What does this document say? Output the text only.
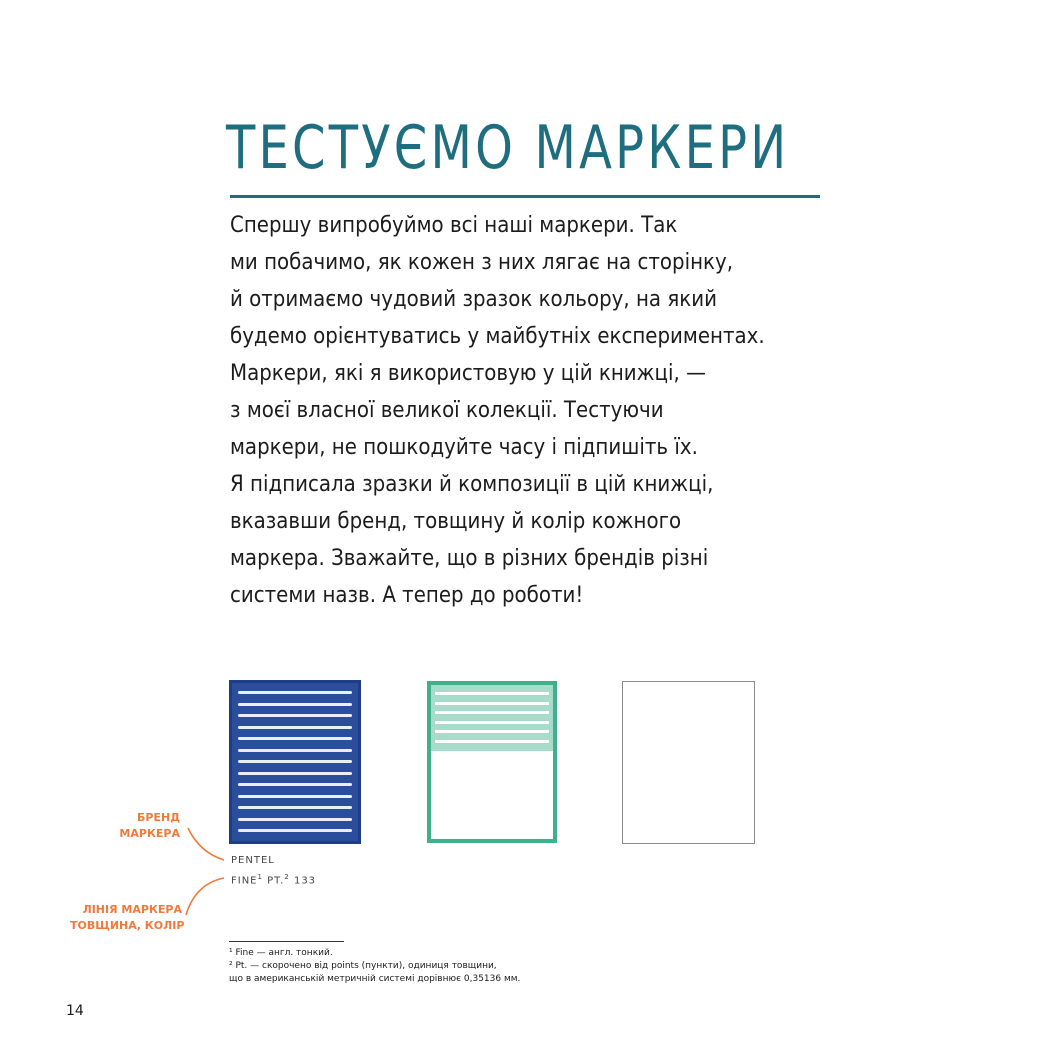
ТЕСТУЄМО МАРКЕРИ
Спершу випробуймо всі наші маркери. Так
ми побачимо, як кожен з них лягає на сторінку,
й отримаємо чудовий зразок кольору, на який
будемо орієнтуватись у майбутніх експериментах.
Маркери, які я використовую у цій книжці, —
з моєї власної великої колекції. Тестуючи
маркери, не пошкодуйте часу і підпишіть їх.
Я підписала зразки й композиції в цій книжці,
вказавши бренд, товщину й колір кожного
маркера. Зважайте, що в різних брендів різні
системи назв. А тепер до роботи!
PENTEL
FINE$^1$ PT.$^2$ 133
БРЕНД
МАРКЕРА
ЛІНІЯ МАРКЕРА
ТОВЩИНА, КОЛІР
¹ Fine — англ. тонкий.
² Pt. — скорочено від points (пункти), одиниця товщини,
що в американській метричній системі дорівнює 0,35136 мм.
14
